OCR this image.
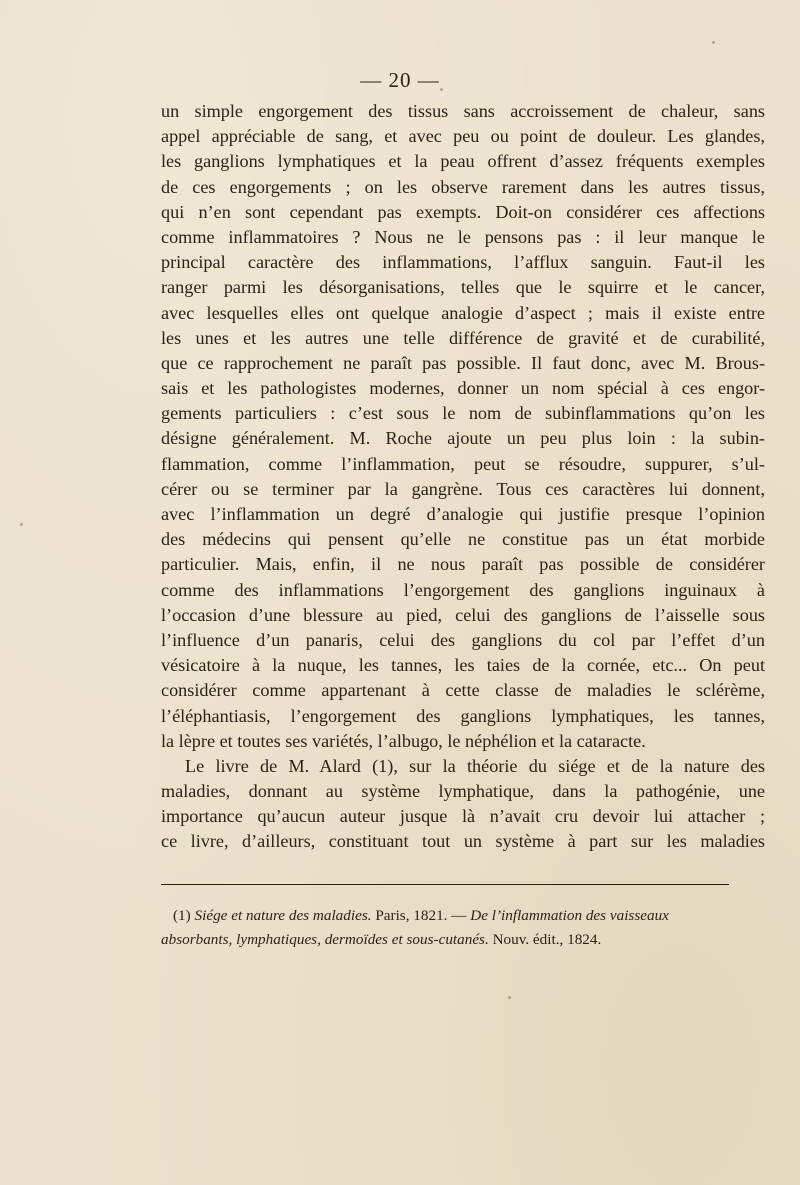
— 20 —
un simple engorgement des tissus sans accroissement de chaleur, sans
appel appréciable de sang, et avec peu ou point de douleur. Les glandes,
les ganglions lymphatiques et la peau offrent d’assez fréquents exemples
de ces engorgements ; on les observe rarement dans les autres tissus,
qui n’en sont cependant pas exempts. Doit-on considérer ces affections
comme inflammatoires ? Nous ne le pensons pas : il leur manque le
principal caractère des inflammations, l’afflux sanguin. Faut-il les
ranger parmi les désorganisations, telles que le squirre et le cancer,
avec lesquelles elles ont quelque analogie d’aspect ; mais il existe entre
les unes et les autres une telle différence de gravité et de curabilité,
que ce rapprochement ne paraît pas possible. Il faut donc, avec M. Brous-
sais et les pathologistes modernes, donner un nom spécial à ces engor-
gements particuliers : c’est sous le nom de subinflammations qu’on les
désigne généralement. M. Roche ajoute un peu plus loin : la subin-
flammation, comme l’inflammation, peut se résoudre, suppurer, s’ul-
cérer ou se terminer par la gangrène. Tous ces caractères lui donnent,
avec l’inflammation un degré d’analogie qui justifie presque l’opinion
des médecins qui pensent qu’elle ne constitue pas un état morbide
particulier. Mais, enfin, il ne nous paraît pas possible de considérer
comme des inflammations l’engorgement des ganglions inguinaux à
l’occasion d’une blessure au pied, celui des ganglions de l’aisselle sous
l’influence d’un panaris, celui des ganglions du col par l’effet d’un
vésicatoire à la nuque, les tannes, les taies de la cornée, etc... On peut
considérer comme appartenant à cette classe de maladies le sclérème,
l’éléphantiasis, l’engorgement des ganglions lymphatiques, les tannes,
la lèpre et toutes ses variétés, l’albugo, le néphélion et la cataracte.
Le livre de M. Alard (1), sur la théorie du siége et de la nature des
maladies, donnant au système lymphatique, dans la pathogénie, une
importance qu’aucun auteur jusque là n’avait cru devoir lui attacher ;
ce livre, d’ailleurs, constituant tout un système à part sur les maladies
(1) Siége et nature des maladies. Paris, 1821. — De l’inflammation des vaisseaux
absorbants, lymphatiques, dermoïdes et sous-cutanés. Nouv. édit., 1824.
